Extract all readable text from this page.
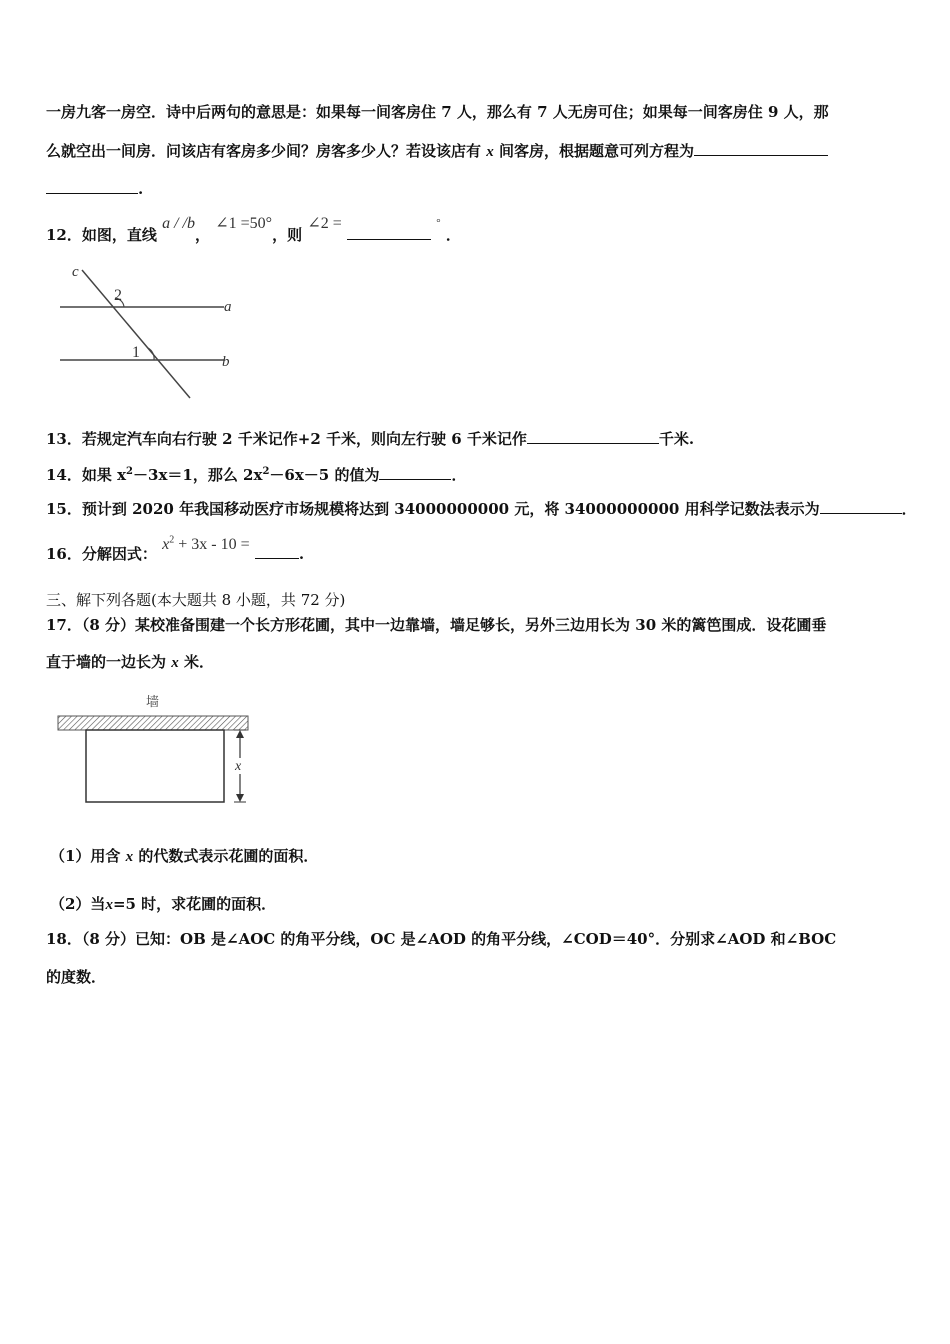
一房九客一房空．诗中后两句的意思是：如果每一间客房住 7 人，那么有 7 人无房可住；如果每一间客房住 9 人，那
么就空出一间房．问该店有客房多少间？房客多少人？若设该店有 x 间客房，根据题意可列方程为
.
12．如图，直线 a / /b， ∠1 =50°，则 ∠2 =	° ．
c
2
a
1
b
13．若规定汽车向右行驶 2 千米记作+2 千米，则向左行驶 6 千米记作	千米.
14．如果 $x^2-3x=1$，那么 $2x^2-6x-5$ 的值为	．
15．预计到 2020 年我国移动医疗市场规模将达到 34000000000 元，将 34000000000 用科学记数法表示为	．
16．分解因式： $x^2 + 3x - 10$ = .
三、解下列各题(本大题共 8 小题，共 72 分)
17．（8 分）某校准备围建一个长方形花圃，其中一边靠墙，墙足够长，另外三边用长为 30 米的篱笆围成．设花圃垂
直于墙的一边长为 x 米．
墙
x
（1）用含 x 的代数式表示花圃的面积．
（2）当x=5 时，求花圃的面积．
18．（8 分）已知：OB 是∠AOC 的角平分线，OC 是∠AOD 的角平分线，∠COD＝40°．分别求∠AOD 和∠BOC
的度数．
